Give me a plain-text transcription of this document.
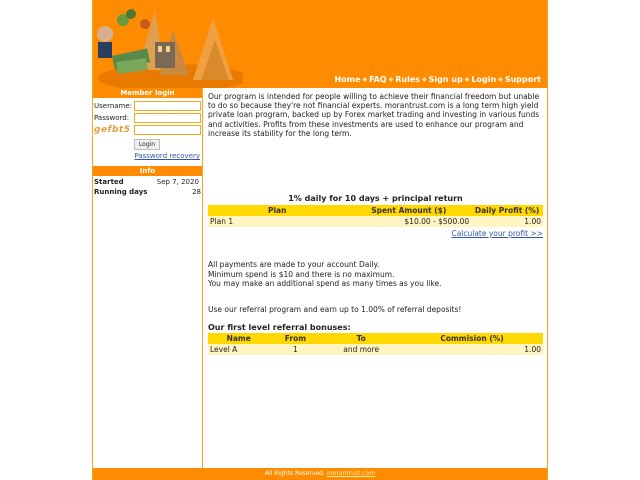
Home ◆ FAQ ◆ Rules ◆ Sign up ◆ Login ◆ Support
Member login
Username:
Password:
gefbt5
Login
Password recovery
Info
Started	Sep 7, 2020
Running days	28
Our program is intended for people willing to achieve their financial freedom but unable to do so because they're not financial experts. morantrust.com is a long term high yield private loan program, backed up by Forex market trading and investing in various funds and activities. Profits from these investments are used to enhance our program and increase its stability for the long term.
1% daily for 10 days + principal return
Plan	Spent Amount ($)	Daily Profit (%)
Plan 1	$10.00 - $500.00	1.00
Calculate your profit >>
All payments are made to your account Daily.
Minimum spend is $10 and there is no maximum.
You may make an additional spend as many times as you like.
Use our referral program and earn up to 1.00% of referral deposits!
Our first level referral bonuses:
Name	From	To	Commision (%)
Level A	1	and more	1.00
All Rights Reserved. morantrust.com
